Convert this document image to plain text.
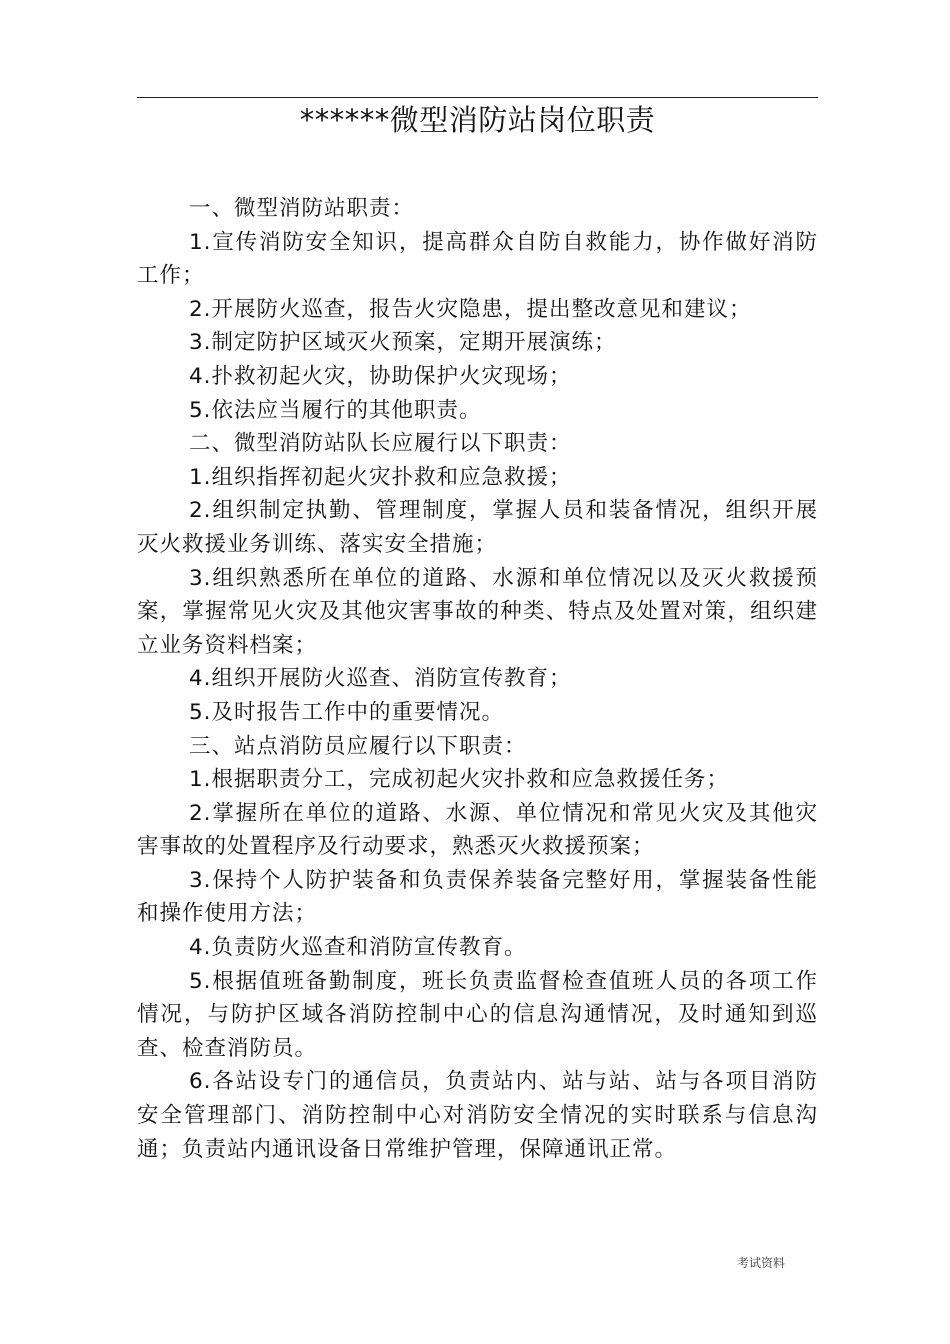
******微型消防站岗位职责

一、微型消防站职责：

1.宣传消防安全知识，提高群众自防自救能力，协作做好消防工作；

2.开展防火巡查，报告火灾隐患，提出整改意见和建议；

3.制定防护区域灭火预案，定期开展演练；

4.扑救初起火灾，协助保护火灾现场；

5.依法应当履行的其他职责。

二、微型消防站队长应履行以下职责：

1.组织指挥初起火灾扑救和应急救援；

2.组织制定执勤、管理制度，掌握人员和装备情况，组织开展灭火救援业务训练、落实安全措施；

3.组织熟悉所在单位的道路、水源和单位情况以及灭火救援预案，掌握常见火灾及其他灾害事故的种类、特点及处置对策，组织建立业务资料档案；

4.组织开展防火巡查、消防宣传教育；

5.及时报告工作中的重要情况。

三、站点消防员应履行以下职责：

1.根据职责分工，完成初起火灾扑救和应急救援任务；

2.掌握所在单位的道路、水源、单位情况和常见火灾及其他灾害事故的处置程序及行动要求，熟悉灭火救援预案；

3.保持个人防护装备和负责保养装备完整好用，掌握装备性能和操作使用方法；

4.负责防火巡查和消防宣传教育。

5.根据值班备勤制度，班长负责监督检查值班人员的各项工作情况，与防护区域各消防控制中心的信息沟通情况，及时通知到巡查、检查消防员。

6.各站设专门的通信员，负责站内、站与站、站与各项目消防安全管理部门、消防控制中心对消防安全情况的实时联系与信息沟通；负责站内通讯设备日常维护管理，保障通讯正常。

考试资料
